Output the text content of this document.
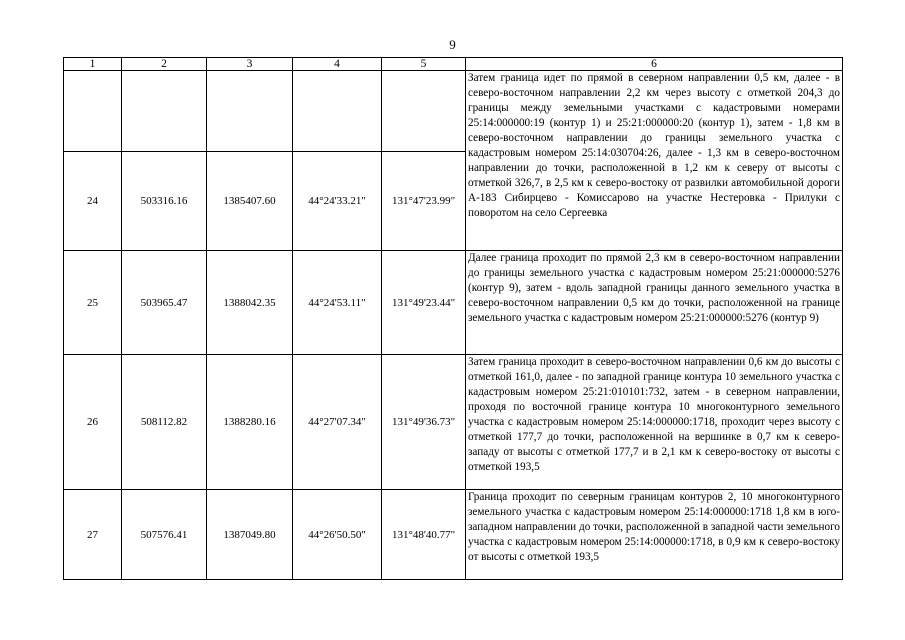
9
1	2	3	4	5	6
					Затем граница идет по прямой в северном направлении 0,5 км, далее - в северо-восточном направлении 2,2 км через высоту с отметкой 204,3 до границы между земельными участками с кадастровыми номерами 25:14:000000:19 (контур 1) и 25:21:000000:20 (контур 1), затем - 1,8 км в северо-восточном направлении до границы земельного участка с кадастровым номером 25:14:030704:26, далее - 1,3 км в северо-восточном направлении до точки, расположенной в 1,2 км к северу от высоты с отметкой 326,7, в 2,5 км к северо-востоку от развилки автомобильной дороги А-183 Сибирцево - Комиссарово на участке Нестеровка - Прилуки с поворотом на село Сергеевка
24	503316.16	1385407.60	44°24'33.21"	131°47'23.99"	
25	503965.47	1388042.35	44°24'53.11"	131°49'23.44"	Далее граница проходит по прямой 2,3 км в северо-восточном направлении до границы земельного участка с кадастровым номером 25:21:000000:5276 (контур 9), затем - вдоль западной границы данного земельного участка в северо-восточном направлении 0,5 км до точки, расположенной на границе земельного участка с кадастровым номером 25:21:000000:5276 (контур 9)
26	508112.82	1388280.16	44°27'07.34"	131°49'36.73"	Затем граница проходит в северо-восточном направлении 0,6 км до высоты с отметкой 161,0, далее - по западной границе контура 10 земельного участка с кадастровым номером 25:21:010101:732, затем - в северном направлении, проходя по восточной границе контура 10 многоконтурного земельного участка с кадастровым номером 25:14:000000:1718, проходит через высоту с отметкой 177,7 до точки, расположенной на вершинке в 0,7 км к северо-западу от высоты с отметкой 177,7 и в 2,1 км к северо-востоку от высоты с отметкой 193,5
27	507576.41	1387049.80	44°26'50.50"	131°48'40.77"	Граница проходит по северным границам контуров 2, 10 многоконтурного земельного участка с кадастровым номером 25:14:000000:1718 1,8 км в юго-западном направлении до точки, расположенной в западной части земельного участка с кадастровым номером 25:14:000000:1718, в 0,9 км к северо-востоку от высоты с отметкой 193,5
